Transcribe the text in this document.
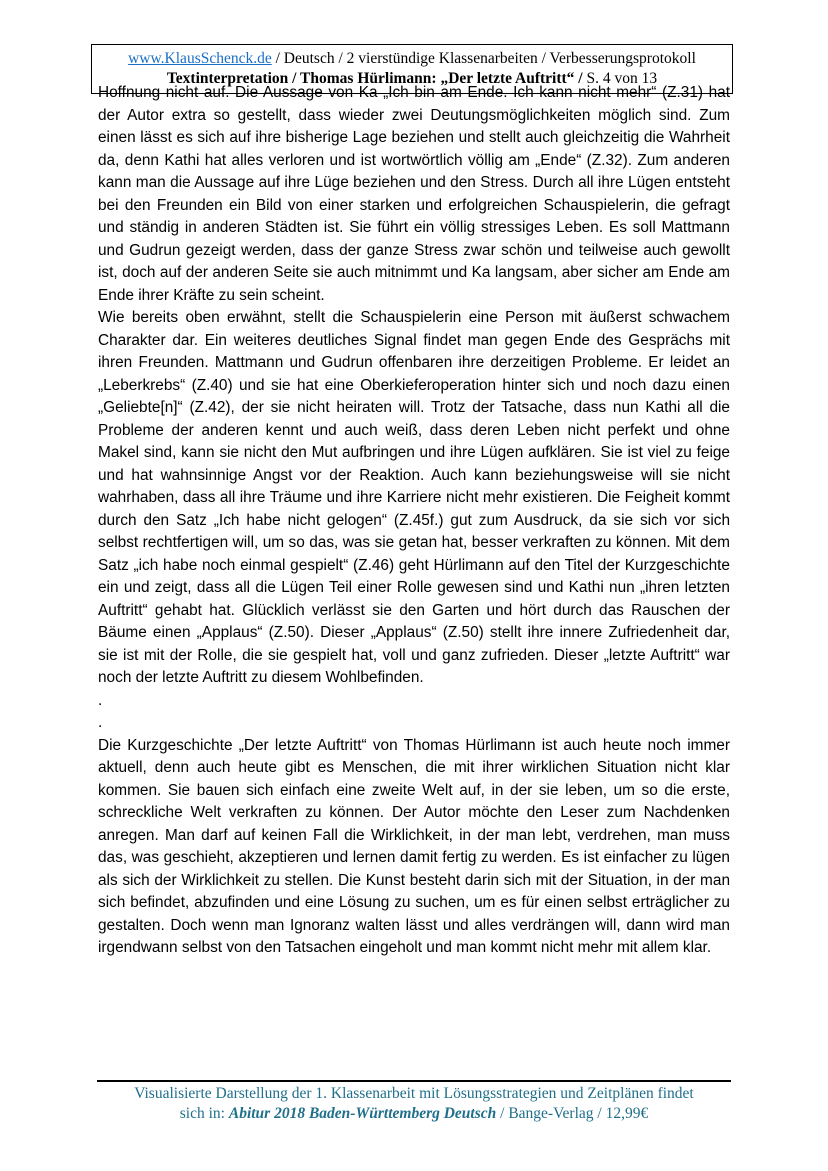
www.KlausSchenck.de / Deutsch / 2 vierstündige Klassenarbeiten / Verbesserungsprotokoll
Textinterpretation / Thomas Hürlimann: „Der letzte Auftritt“ / S. 4 von 13

Hoffnung nicht auf. Die Aussage von Ka „Ich bin am Ende. Ich kann nicht mehr“ (Z.31) hat der Autor extra so gestellt, dass wieder zwei Deutungsmöglichkeiten möglich sind. Zum einen lässt es sich auf ihre bisherige Lage beziehen und stellt auch gleichzeitig die Wahrheit da, denn Kathi hat alles verloren und ist wortwörtlich völlig am „Ende“ (Z.32). Zum anderen kann man die Aussage auf ihre Lüge beziehen und den Stress. Durch all ihre Lügen entsteht bei den Freunden ein Bild von einer starken und erfolgreichen Schauspielerin, die gefragt und ständig in anderen Städten ist. Sie führt ein völlig stressiges Leben. Es soll Mattmann und Gudrun gezeigt werden, dass der ganze Stress zwar schön und teilweise auch gewollt ist, doch auf der anderen Seite sie auch mitnimmt und Ka langsam, aber sicher am Ende am Ende ihrer Kräfte zu sein scheint.

Wie bereits oben erwähnt, stellt die Schauspielerin eine Person mit äußerst schwachem Charakter dar. Ein weiteres deutliches Signal findet man gegen Ende des Gesprächs mit ihren Freunden. Mattmann und Gudrun offenbaren ihre derzeitigen Probleme. Er leidet an „Leberkrebs“ (Z.40) und sie hat eine Oberkieferoperation hinter sich und noch dazu einen „Geliebte[n]“ (Z.42), der sie nicht heiraten will. Trotz der Tatsache, dass nun Kathi all die Probleme der anderen kennt und auch weiß, dass deren Leben nicht perfekt und ohne Makel sind, kann sie nicht den Mut aufbringen und ihre Lügen aufklären. Sie ist viel zu feige und hat wahnsinnige Angst vor der Reaktion. Auch kann beziehungsweise will sie nicht wahrhaben, dass all ihre Träume und ihre Karriere nicht mehr existieren. Die Feigheit kommt durch den Satz „Ich habe nicht gelogen“ (Z.45f.) gut zum Ausdruck, da sie sich vor sich selbst rechtfertigen will, um so das, was sie getan hat, besser verkraften zu können. Mit dem Satz „ich habe noch einmal gespielt“ (Z.46) geht Hürlimann auf den Titel der Kurzgeschichte ein und zeigt, dass all die Lügen Teil einer Rolle gewesen sind und Kathi nun „ihren letzten Auftritt“ gehabt hat. Glücklich verlässt sie den Garten und hört durch das Rauschen der Bäume einen „Applaus“ (Z.50). Dieser „Applaus“ (Z.50) stellt ihre innere Zufriedenheit dar, sie ist mit der Rolle, die sie gespielt hat, voll und ganz zufrieden. Dieser „letzte Auftritt“ war noch der letzte Auftritt zu diesem Wohlbefinden.

.

.

Die Kurzgeschichte „Der letzte Auftritt“ von Thomas Hürlimann ist auch heute noch immer aktuell, denn auch heute gibt es Menschen, die mit ihrer wirklichen Situation nicht klar kommen. Sie bauen sich einfach eine zweite Welt auf, in der sie leben, um so die erste, schreckliche Welt verkraften zu können. Der Autor möchte den Leser zum Nachdenken anregen. Man darf auf keinen Fall die Wirklichkeit, in der man lebt, verdrehen, man muss das, was geschieht, akzeptieren und lernen damit fertig zu werden. Es ist einfacher zu lügen als sich der Wirklichkeit zu stellen. Die Kunst besteht darin sich mit der Situation, in der man sich befindet, abzufinden und eine Lösung zu suchen, um es für einen selbst erträglicher zu gestalten. Doch wenn man Ignoranz walten lässt und alles verdrängen will, dann wird man irgendwann selbst von den Tatsachen eingeholt und man kommt nicht mehr mit allem klar.

Visualisierte Darstellung der 1. Klassenarbeit mit Lösungsstrategien und Zeitplänen findet
sich in: Abitur 2018 Baden-Württemberg Deutsch / Bange-Verlag / 12,99€
